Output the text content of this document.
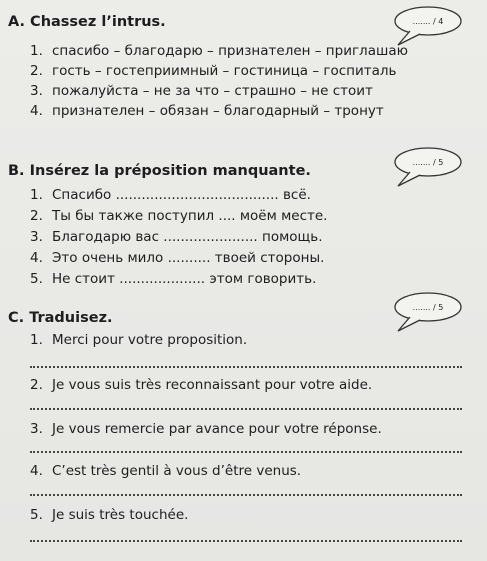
A. Chassez l’intrus.	....... / 4
1. спасибо – благодарю – признателен – приглашаю
2. гость – гостеприимный – гостиница – госпиталь
3. пожалуйста – не за что – страшно – не стоит
4. признателен – обязан – благодарный – тронут
B. Insérez la préposition manquante.
....... / 5
1. Спасибо ...................................... всё.
2. Ты бы также поступил .... моём месте.
3. Благодарю вас ...................... помощь.
4. Это очень мило .......... твоей стороны.
5. Не стоит .................... этом говорить.
C. Traduisez.
....... / 5
1. Merci pour votre proposition.
2. Je vous suis très reconnaissant pour votre aide.
3. Je vous remercie par avance pour votre réponse.
4. C’est très gentil à vous d’être venus.
5. Je suis très touchée.
